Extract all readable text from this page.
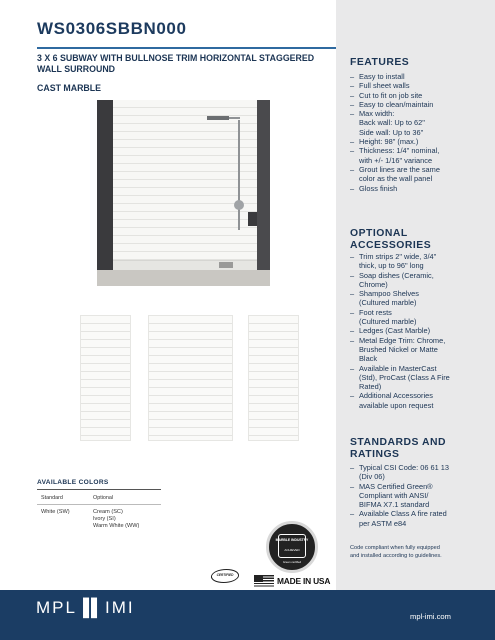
WS0306SBBN000
3 X 6 SUBWAY WITH BULLNOSE TRIM HORIZONTAL STAGGERED WALL SURROUND
CAST MARBLE
AVAILABLE COLORS
Standard	Optional
White (SW)	Cream (SC)
Ivory (SI)
Warm White (WW)
MARBLE INDUSTRY
ACHIEVED
Green certified
CERTIFIED
MADE IN USA
FEATURES
– Easy to install
– Full sheet walls
– Cut to fit on job site
– Easy to clean/maintain
– Max width:
Back wall: Up to 62"
Side wall: Up to 36"
– Height: 98" (max.)
– Thickness: 1/4" nominal,
with +/- 1/16" variance
– Grout lines are the same
color as the wall panel
– Gloss finish
OPTIONAL
ACCESSORIES
– Trim strips 2" wide, 3/4"
thick, up to 96" long
– Soap dishes (Ceramic,
Chrome)
– Shampoo Shelves
(Cultured marble)
– Foot rests
(Cultured marble)
– Ledges (Cast Marble)
– Metal Edge Trim: Chrome,
Brushed Nickel or Matte
Black
– Available in MasterCast
(Std), ProCast (Class A Fire
Rated)
– Additional Accessories
available upon request
STANDARDS AND
RATINGS
– Typical CSI Code: 06 61 13
(Div 06)
– MAS Certified Green®
Compliant with ANSI/
BIFMA X7.1 standard
– Available Class A fire rated
per ASTM e84
Code compliant when fully equipped
and installed according to guidelines.
MPL▐▌IMI	mpl-imi.com
